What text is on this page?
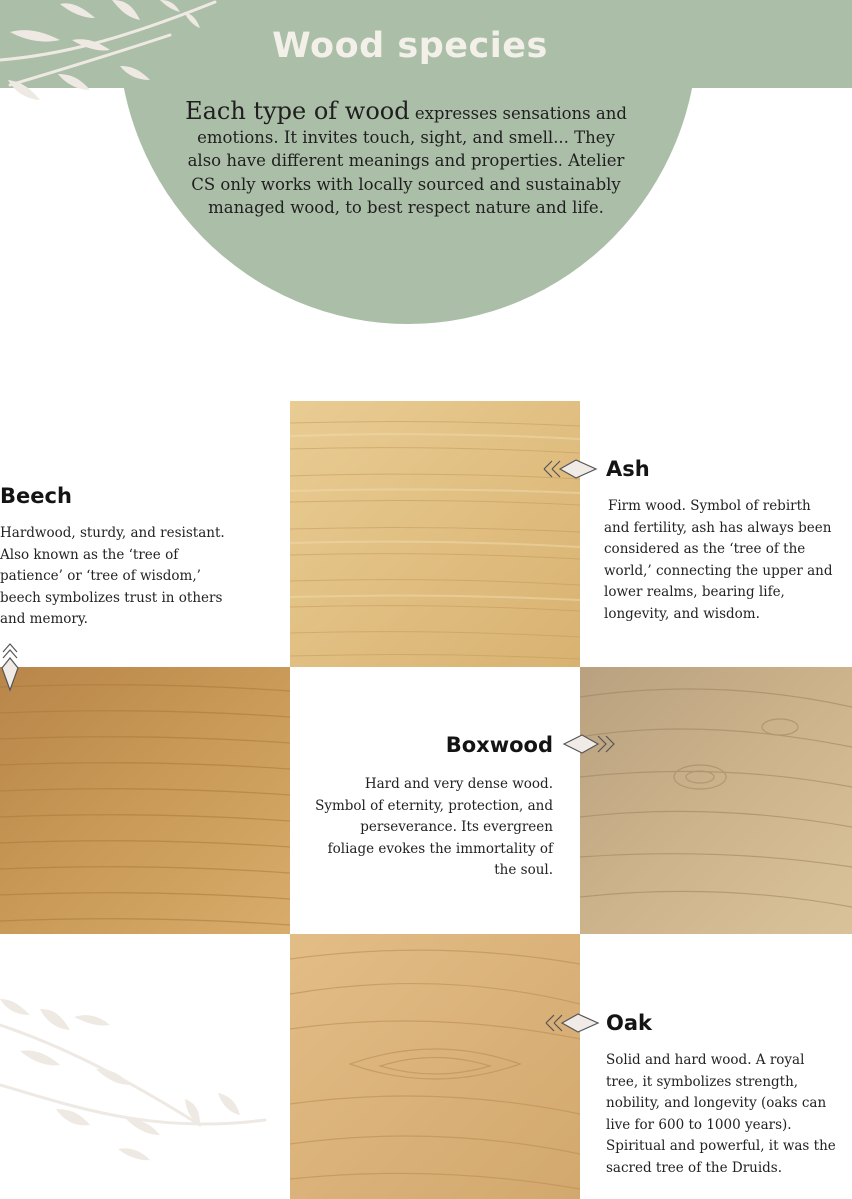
Wood species
Each type of wood expresses sensations and emotions. It invites touch, sight, and smell... They also have different meanings and properties. Atelier CS only works with locally sourced and sustainably managed wood, to best respect nature and life.
Beech

Hardwood, sturdy, and resistant. Also known as the ‘tree of patience’ or ‘tree of wisdom,’ beech symbolizes trust in others and memory.

Ash

Firm wood. Symbol of rebirth and fertility, ash has always been considered as the ‘tree of the world,’ connecting the upper and lower realms, bearing life, longevity, and wisdom.

Boxwood

Hard and very dense wood. Symbol of eternity, protection, and perseverance. Its evergreen foliage evokes the immortality of the soul.

Oak

Solid and hard wood. A royal tree, it symbolizes strength, nobility, and longevity (oaks can live for 600 to 1000 years). Spiritual and powerful, it was the sacred tree of the Druids.
